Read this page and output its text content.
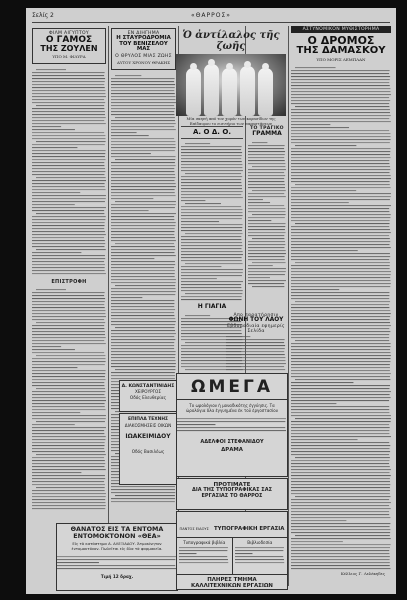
Σελίς 2	«ΘΑΡΡΟΣ»
ΦΙΛΜ ΑΙΓΥΠΤΟΥ
Ο ΓΑΜΟΣ
ΤΗΣ ΖΟΥΛΕΝ
ΥΠΟ Μ. ΦΙΛΥΡΑ
ΕΠΙΣΤΡΟΦΗ
ΘΑΝΑΤΟΣ ΕΙΣ ΤΑ ΕΝΤΟΜΑ
ΕΝΤΟΜΟΚΤΟΝΟΝ «ΘΕΑ»
Εἰς τὸ κατάστημα Α. ΑΛΕΞΙΑΔΟΥ. Ἀτμοκίνητον ἐντομοκτόνον. Πωλεῖται εἰς ὅλα τὰ φαρμακεῖα.
Τιμή 12 δραχ.
ΕΝ ΔΙΗΓΗΜΑ
Η ΣΤΑΥΡΟΔΡΟΜΙΑ
ΤΟΥ ΒΕΝΙΖΕΛΟΥ ΜΑΣ
Ο ΘΡΥΛΟΣ ΜΙΑΣ ΖΩΗΣ
ΑΥΤΟΥ ΧΡΟΝΟΥ ΘΡΑΚΗΣ
Α. ΚΩΝΣΤΑΝΤΙΝΙΔΗΣ
ΧΕΙΡΟΥΡΓΟΣ
Οδός Ελευθερίας
ΕΠΙΠΛΑ ΤΕΧΝΗΣ
ΔΙΑΚΟΣΜΗΣΕΙΣ ΟΙΚΩΝ
ΙΩΑΚΕΙΜΙΔΟΥ
Οδός Βασιλέως
Ὁ ἀντίλαλος τῆς ζωῆς
Μία σκηνή από τον χορόν των κορασίδων της Επίδαυρου το εισιτήριο των παραστάσεων
Α. Ο Δ. Ο.
Η ΓΙΑΓΙΑ
ΤΟ ΤΡΑΓΙΚΟ
ΓΡΑΜΜΑ
Απο παρατήρησιν
ΦΩΝΗ ΤΟΥ ΛΑΟΥ
Εβδομαδιαία εφημερίς Σελίδα
ΩΜΕΓΑ
Το ωρολόγιον ἡ μοναδικότης ἐγγύησις. Τα ὡρολόγια ὅλα ἐγγυημένα ἐκ τοῦ ἐργοστασίου
ΑΔΕΛΦΟΙ ΣΤΕΦΑΝΙΔΟΥ
ΔΡΑΜΑ
ΠΡΟΤΙΜΑΤΕ
ΔΙΑ ΤΗΣ ΤΥΠΟΓΡΑΦΙΚΑΣ ΣΑΣ
ΕΡΓΑΣΙΑΣ ΤΟ ΘΑΡΡΟΣ
ΠΑΝΤΟΣ ΕΙΔΟΥΣ ΤΥΠΟΓΡΑΦΙΚΗ ΕΡΓΑΣΙΑ
Τυπογραφικά βιβλία	Βιβλιοδεσία
ΠΛΗΡΕΣ ΤΜΗΜΑ
ΚΑΛΛΙΤΕΧΝΙΚΩΝ ΕΡΓΑΣΙΩΝ
ΑΣΤΥΝΟΜΙΚΟΝ ΜΥΘΙΣΤΟΡΗΜΑ
Ο ΔΡΟΜΟΣ
ΤΗΣ ΔΑΜΑΣΚΟΥ
ΥΠΟ ΜΟΡΙΣ ΛΕΜΠΛΑΝ
Κέλλιος Γ. Λελέκηδες
